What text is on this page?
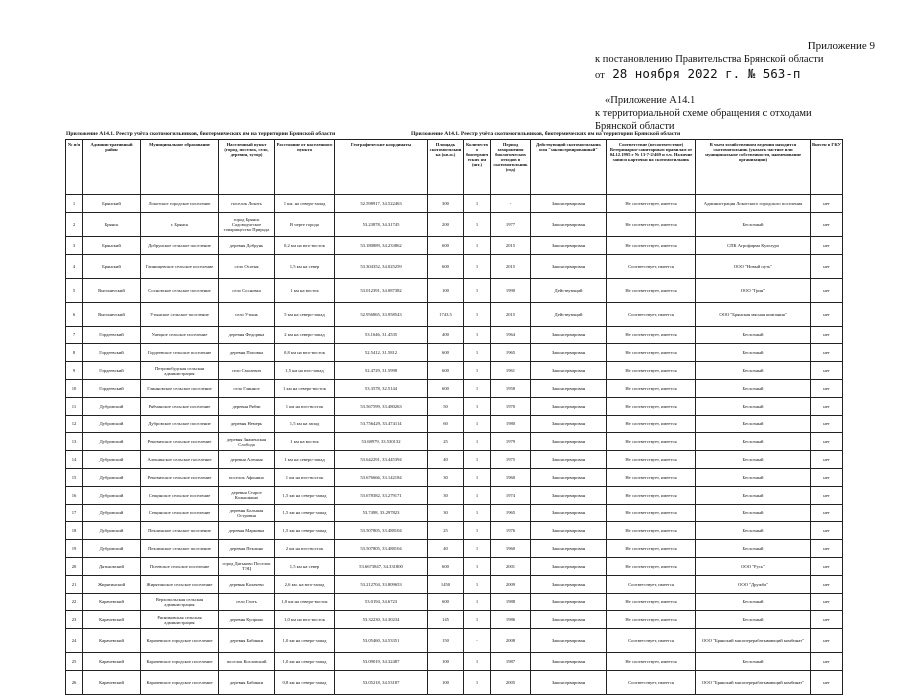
Приложение 9
к постановлению Правительства Брянской области
от 28 ноября 2022 г. № 563-п
«Приложение А14.1
к территориальной схеме обращения с отходами
Брянской области
Приложение А14.1. Реестр учёта скотомогильников, биотермических ям на территории Брянской области	Приложение А14.1. Реестр учёта скотомогильников, биотермических ям на территории Брянской области
№ п/п	Административный район	Муниципальное образование	Населенный пункт (город, поселок, село, деревня, хутор)	Расстояние от населенного пункта	Географические координаты	Площадь скотомогильника (кв.м.)	Количество биотермических ям (шт.)	Период захоронения биологических отходов в скотомогильник (год)	Действующий скотомогильник или "законсервированный"	Соответствие (несоответствие) Ветеринарно-санитарным правилам от 04.12.1995 г № 13-7-2/469 и т.ч. Наличие записи карточки на скотомогильник	В чьем хозяйственном ведении находится скотомогильник (указать частное или муниципальное собственности, наименование организации)	Внесен в ГКУ
1	Брянский	Локотское городское поселение	поселок Локоть	1 км. на северо-запад	52.598917, 34.522463	300	1	-	Законсервирован	Не соответствует, имеется	Администрация Локотского городского поселения	нет
2	Брянск	г. Брянск	город Брянск Садоводческое товарищество Природа	В черте города	53.23878, 34.31745	200	1	1977	Законсервирован	Не соответствует, имеется	Бесхозный	нет
3	Брянский	Добрунское сельское поселение	деревня Добрунь	0,2 км на юго-восток	53.180889, 34.233862	600	1	2015	Законсервирован	Не соответствует, имеется	СПК Агрофирма Культура	нет
4	Брянский	Глинищевское сельское поселение	село Осотня	1,5 км на север	53.304352, 34.025259	600	1	2015	Законсервирован	Соответствует, имеется	ООО "Новый путь"	нет
5	Выгоничский	Сосновское сельское поселение	село Сосновка	1 км на восток	53.012391, 34.087382	100	1	1990	Действующий	Не соответствует, имеется	ООО "Грин"	нет
6	Выгоничский	Утынское сельское поселение	село Утынь	5 км на северо-запад	52.956865, 33.958543	1743.5	1	2015	Действующий	Соответствует, имеется	ООО "Брянская мясная компания"	нет
7	Гордеевский	Унецкое сельское поселение	деревня Федорвка	2 км на северо-запад	53.1646, 31.4535	400	1	1964	Законсервирован	Не соответствует, имеется	Бесхозный	нет
8	Гордеевский	Гордеевское сельское поселение	деревня Поповка	0,8 км на юго-восток	52.5412, 31.5812	600	1	1965	Законсервирован	Не соответствует, имеется	Бесхозный	нет
9	Гордеевский	Петровобудская сельская администрация	село Смолевич	1,5 км на юго-запад	52.4729, 31.5998	600	1	1961	Законсервирован	Не соответствует, имеется	Бесхозный	нет
10	Гордеевский	Глинновское сельское поселение	село Глинное	1 км на северо-восток	53.3578, 32.5144	600	1	1958	Законсервирован	Не соответствует, имеется	Бесхозный	нет
11	Дубровский	Рябчинское сельское поселение	деревня Рябчи	1 км на юго-восток	53.567599, 33.480263	50	1	1970	Законсервирован	Не соответствует, имеется	Бесхозный	нет
12	Дубровский	Дубровское сельское поселение	деревня Немерь	1,5 км на запад	53.756429, 33.474114	60	1	1980	Законсервирован	Не соответствует, имеется	Бесхозный	нет
13	Дубровский	Рековичское сельское поселение	деревня Знаменская Слобода	1 км на восток	53.68979, 33.530132	25	1	1979	Законсервирован	Не соответствует, имеется	Бесхозный	нет
14	Дубровский	Алешинское сельское поселение	деревня Алешня	1 км на северо-запад	53.642291, 33.445394	40	1	1975	Законсервирован	Не соответствует, имеется	Бесхозный	нет
15	Дубровский	Рековичское сельское поселение	поселок Афонино	1 км на юго-восток	53.676666, 33.142184	30	1	1960	Законсервирован	Не соответствует, имеется	Бесхозный	нет
16	Дубровский	Сещинское сельское поселение	деревня Старое Колышкино	1,5 км на северо-запад	53.678382, 33.279171	30	1	1974	Законсервирован	Не соответствует, имеется	Бесхозный	нет
17	Дубровский	Сещинское сельское поселение	деревня Большая Островня	1,5 км на северо-запад	53.7498, 33.297823	30	1	1965	Законсервирован	Не соответствует, имеется	Бесхозный	нет
18	Дубровский	Пеклинское сельское поселение	деревня Марковка	1,5 км на северо-запад	53.507805, 33.488104	25	1	1976	Законсервирован	Не соответствует, имеется	Бесхозный	нет
19	Дубровский	Пеклинское сельское поселение	деревня Пеклино	2 км на юго-восток	53.507805, 33.488104	40	1	1960	Законсервирован	Не соответствует, имеется	Бесхозный	нет
20	Дятьковский	Псеевское сельское поселение	город Дятьково Поселок ТЭЦ	1,5 км на север	53.6673847, 34.331800	600	1	2001	Законсервирован	Не соответствует, имеется	ООО "Русь"	нет
21	Жирятинский	Жирятинское сельское поселение	деревня Калачево	2,6 км. на юго-запад	53.212704, 33.809653	1450	1	2009	Законсервирован	Соответствует, имеется	ООО "Дружба"	нет
22	Карачевский	Верхопольская сельская администрация	село Глоть	1,0 км на северо-восток	53.0194, 34.6723	600	1	1988	Законсервирован	Не соответствует, имеется	Бесхозный	нет
23	Карачевский	Рясниковская сельская администрация	деревня Куприно	1,0 км на юго-восток	53.32230, 34.30234	145	1	1986	Законсервирован	Не соответствует, имеется	Бесхозный	нет
24	Карачевский	Карачевское городское поселение	деревня Бабинки	1,0 км на северо-запад	53.05460, 34.53351	150	-	2008	Законсервирован	Соответствует, имеется	ООО "Брянский мясоперерабатывающий комбинат"	нет
25	Карачевский	Карачевское городское поселение	поселок Козловский	1,0 км на северо-запад	53.09019, 34.32487	100	1	1987	Законсервирован	Не соответствует, имеется	Бесхозный	нет
26	Карачевский	Карачевское городское поселение	деревня Бабинки	0,8 км на северо-запад	53.05218, 34.53187	100	1	2005	Законсервирован	Соответствует, имеется	ООО "Брянский мясоперерабатывающий комбинат"	нет
